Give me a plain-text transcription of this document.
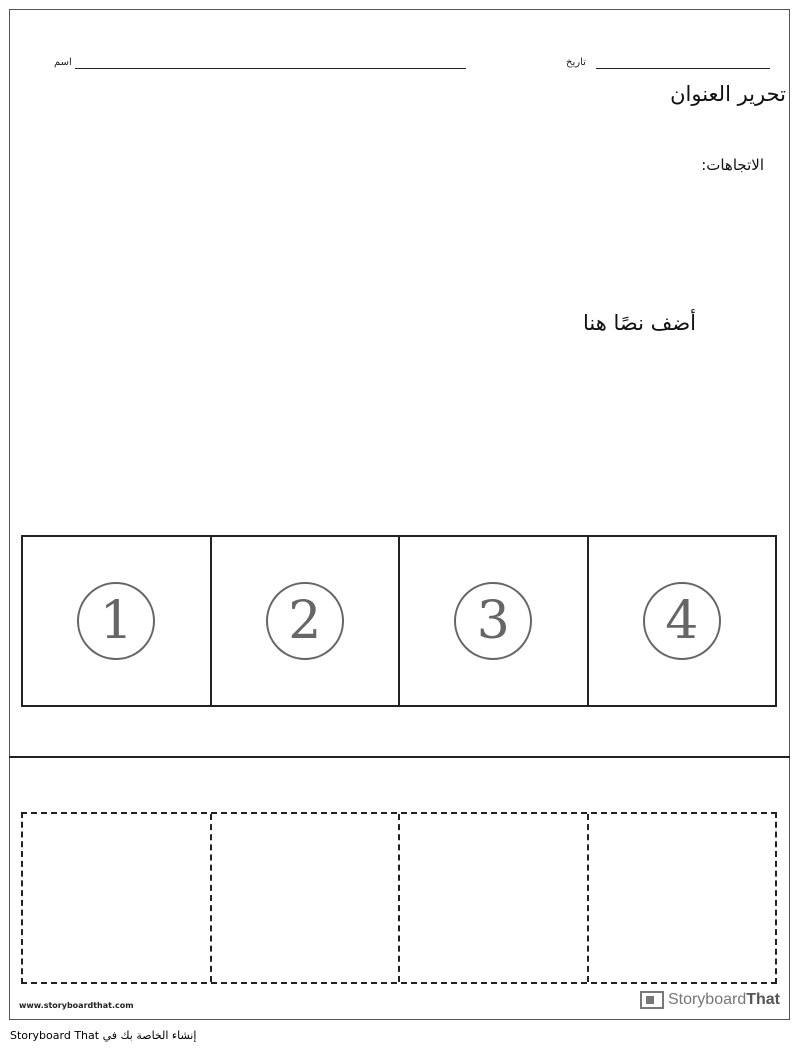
اسم	تاريخ
تحرير العنوان
الاتجاهات:
أضف نصًا هنا
1	2	3	4
www.storyboardthat.com	StoryboardThat
إنشاء الخاصة بك في Storyboard That
